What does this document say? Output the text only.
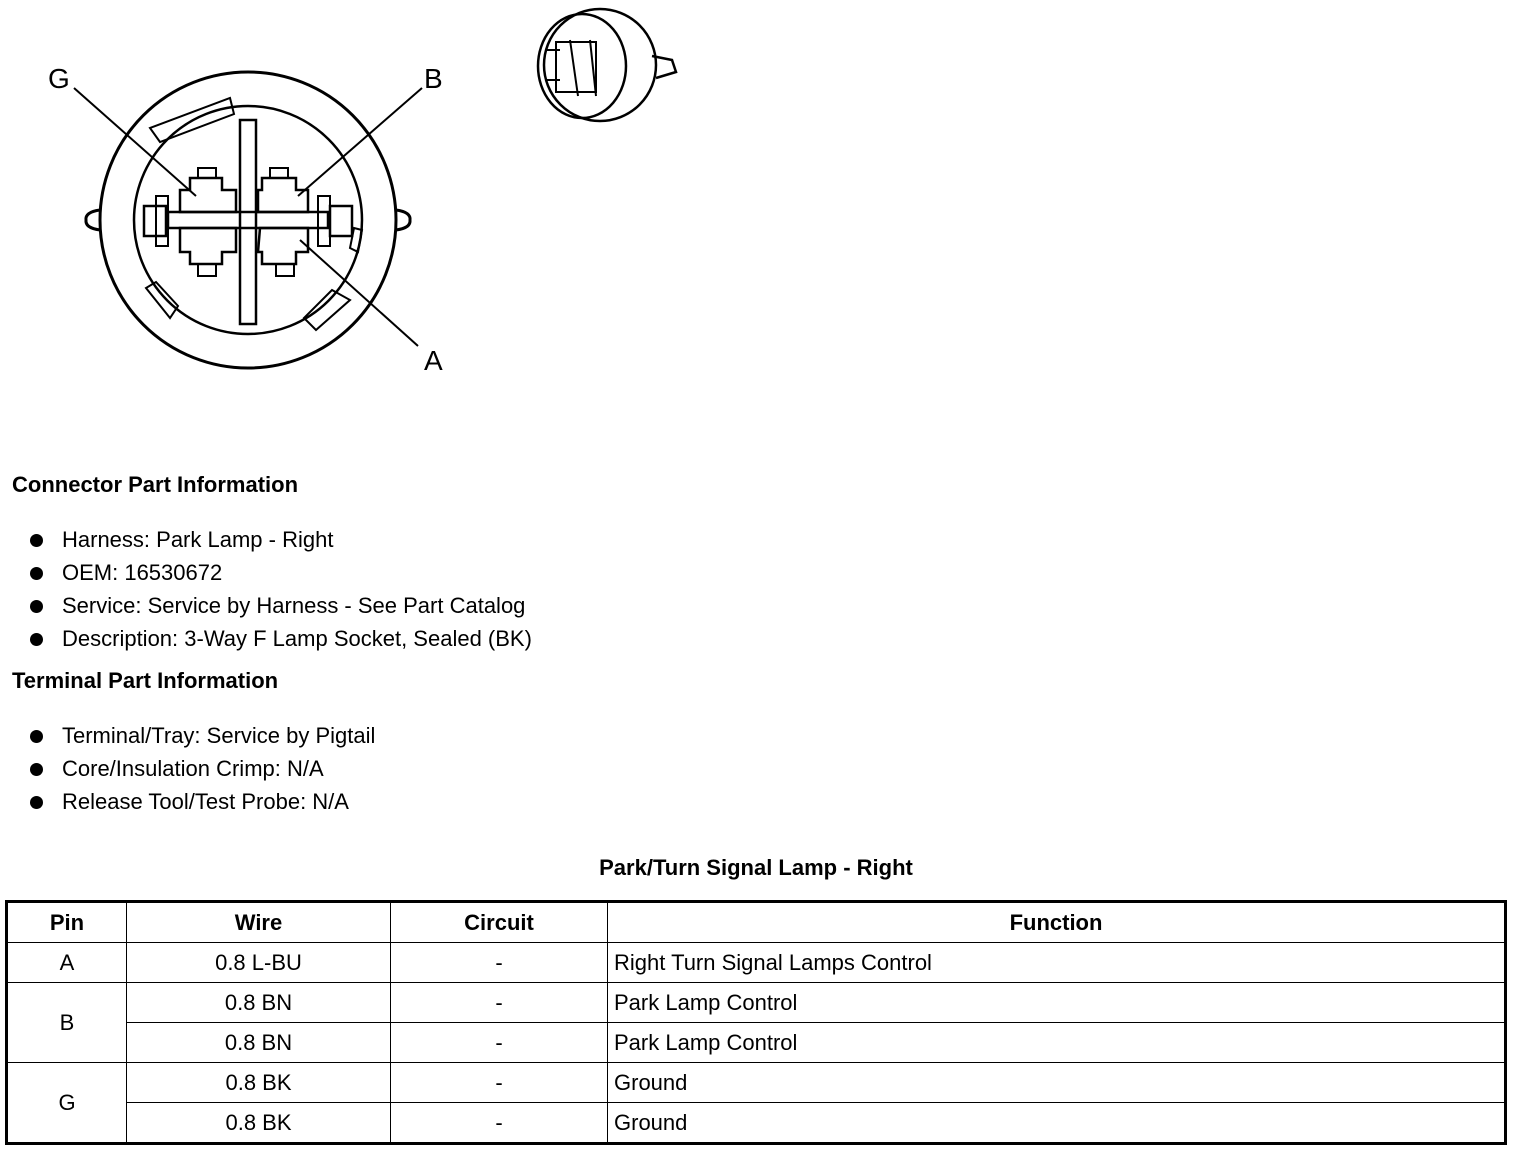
G	B
A
Connector Part Information
Harness: Park Lamp - Right
OEM: 16530672
Service: Service by Harness - See Part Catalog
Description: 3-Way F Lamp Socket, Sealed (BK)
Terminal Part Information
Terminal/Tray: Service by Pigtail
Core/Insulation Crimp: N/A
Release Tool/Test Probe: N/A
Park/Turn Signal Lamp - Right
Pin	Wire	Circuit	Function
A	0.8 L-BU	-	Right Turn Signal Lamps Control
B	0.8 BN	-	Park Lamp Control
	0.8 BN	-	Park Lamp Control
G	0.8 BK	-	Ground
	0.8 BK	-	Ground
